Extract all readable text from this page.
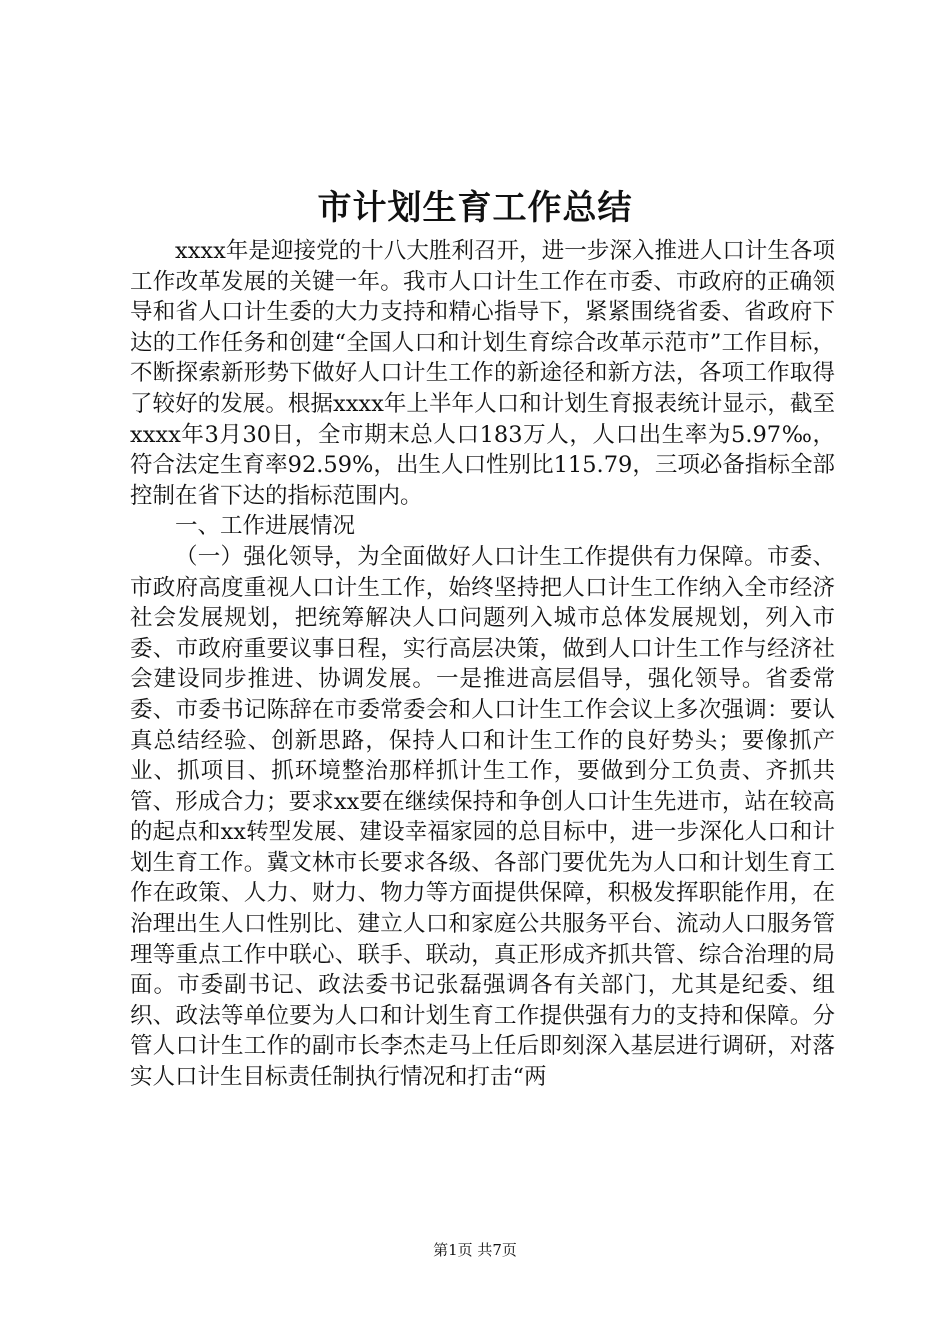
市计划生育工作总结

xxxx年是迎接党的十八大胜利召开，进一步深入推进人口计生各项工作改革发展的关键一年。我市人口计生工作在市委、市政府的正确领导和省人口计生委的大力支持和精心指导下，紧紧围绕省委、省政府下达的工作任务和创建“全国人口和计划生育综合改革示范市”工作目标，不断探索新形势下做好人口计生工作的新途径和新方法，各项工作取得了较好的发展。根据xxxx年上半年人口和计划生育报表统计显示，截至xxxx年3月30日，全市期末总人口183万人，人口出生率为5.97‰，符合法定生育率92.59%，出生人口性别比115.79，三项必备指标全部控制在省下达的指标范围内。

一、工作进展情况

（一）强化领导，为全面做好人口计生工作提供有力保障。市委、市政府高度重视人口计生工作，始终坚持把人口计生工作纳入全市经济社会发展规划，把统筹解决人口问题列入城市总体发展规划，列入市委、市政府重要议事日程，实行高层决策，做到人口计生工作与经济社会建设同步推进、协调发展。一是推进高层倡导，强化领导。省委常委、市委书记陈辞在市委常委会和人口计生工作会议上多次强调：要认真总结经验、创新思路，保持人口和计生工作的良好势头；要像抓产业、抓项目、抓环境整治那样抓计生工作，要做到分工负责、齐抓共管、形成合力；要求xx要在继续保持和争创人口计生先进市，站在较高的起点和xx转型发展、建设幸福家园的总目标中，进一步深化人口和计划生育工作。冀文林市长要求各级、各部门要优先为人口和计划生育工作在政策、人力、财力、物力等方面提供保障，积极发挥职能作用，在治理出生人口性别比、建立人口和家庭公共服务平台、流动人口服务管理等重点工作中联心、联手、联动，真正形成齐抓共管、综合治理的局面。市委副书记、政法委书记张磊强调各有关部门，尤其是纪委、组织、政法等单位要为人口和计划生育工作提供强有力的支持和保障。分管人口计生工作的副市长李杰走马上任后即刻深入基层进行调研，对落实人口计生目标责任制执行情况和打击“两

第1页 共7页
